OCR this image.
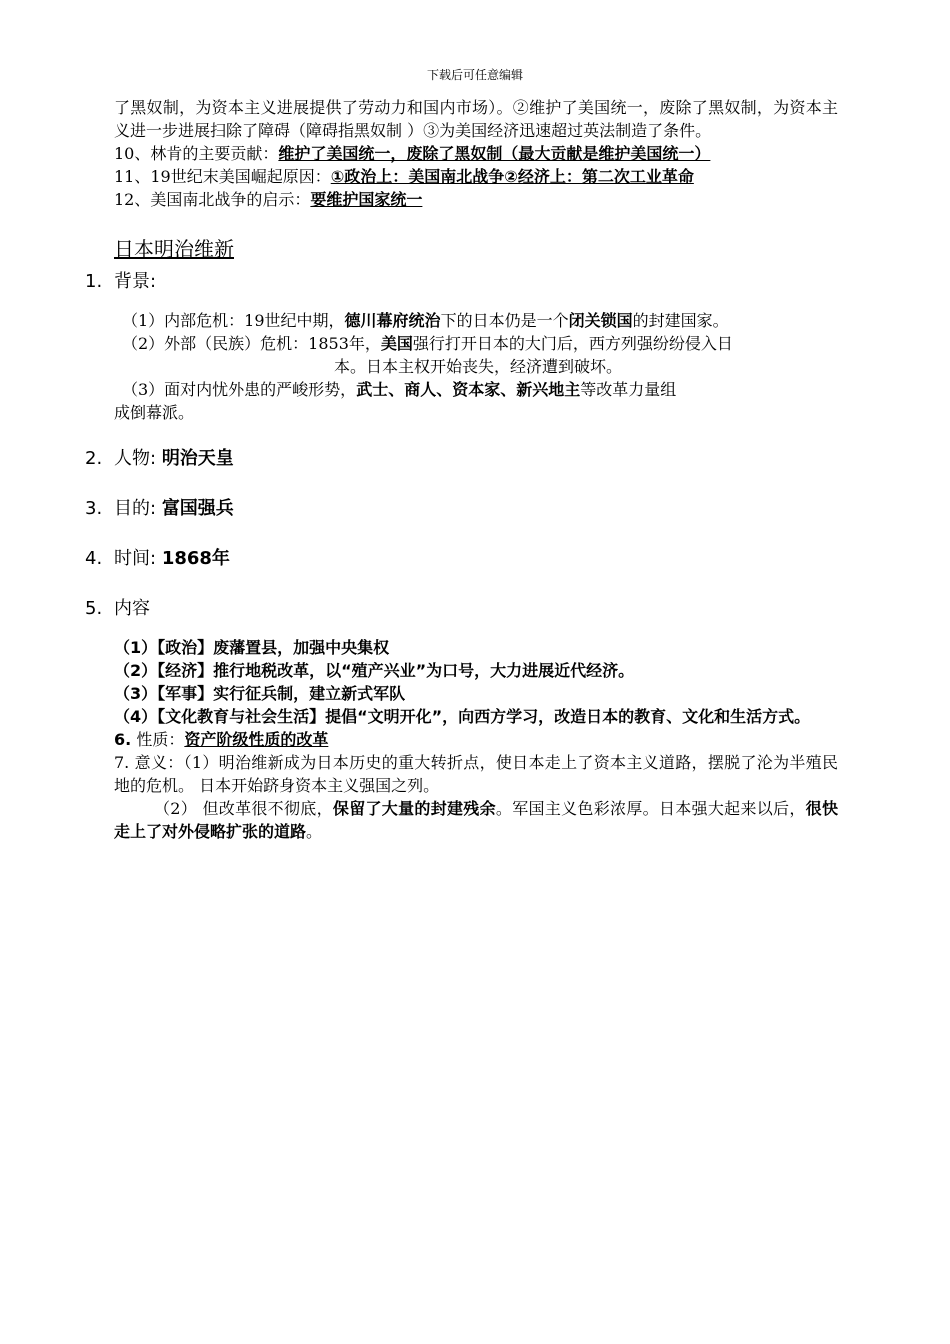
下载后可任意编辑

了黑奴制，为资本主义进展提供了劳动力和国内市场）。②维护了美国统一，废除了黑奴制，为资本主义进一步进展扫除了障碍（障碍指黑奴制 ）③为美国经济迅速超过英法制造了条件。

10、林肯的主要贡献：维护了美国统一，废除了黑奴制（最大贡献是维护美国统一）

11、19世纪末美国崛起原因：①政治上：美国南北战争②经济上：第二次工业革命

12、美国南北战争的启示：要维护国家统一

日本明治维新
1. 背景:

（1）内部危机：19世纪中期，德川幕府统治下的日本仍是一个闭关锁国的封建国家。

（2）外部（民族）危机：1853年，美国强行打开日本的大门后，西方列强纷纷侵入日

本。日本主权开始丧失，经济遭到破坏。

（3）面对内忧外患的严峻形势，武士、商人、资本家、新兴地主等改革力量组

成倒幕派。

2. 人物: 明治天皇
3. 目的: 富国强兵
4. 时间: 1868年
5. 内容

（1）【政治】废藩置县，加强中央集权

（2）【经济】推行地税改革，以“殖产兴业”为口号，大力进展近代经济。

（3）【军事】实行征兵制，建立新式军队

（4）【文化教育与社会生活】提倡“文明开化”，向西方学习，改造日本的教育、文化和生活方式。

6. 性质：资产阶级性质的改革

7. 意义：（1）明治维新成为日本历史的重大转折点，使日本走上了资本主义道路，摆脱了沦为半殖民地的危机。 日本开始跻身资本主义强国之列。

（2） 但改革很不彻底，保留了大量的封建残余。军国主义色彩浓厚。日本强大起来以后，很快走上了对外侵略扩张的道路。
